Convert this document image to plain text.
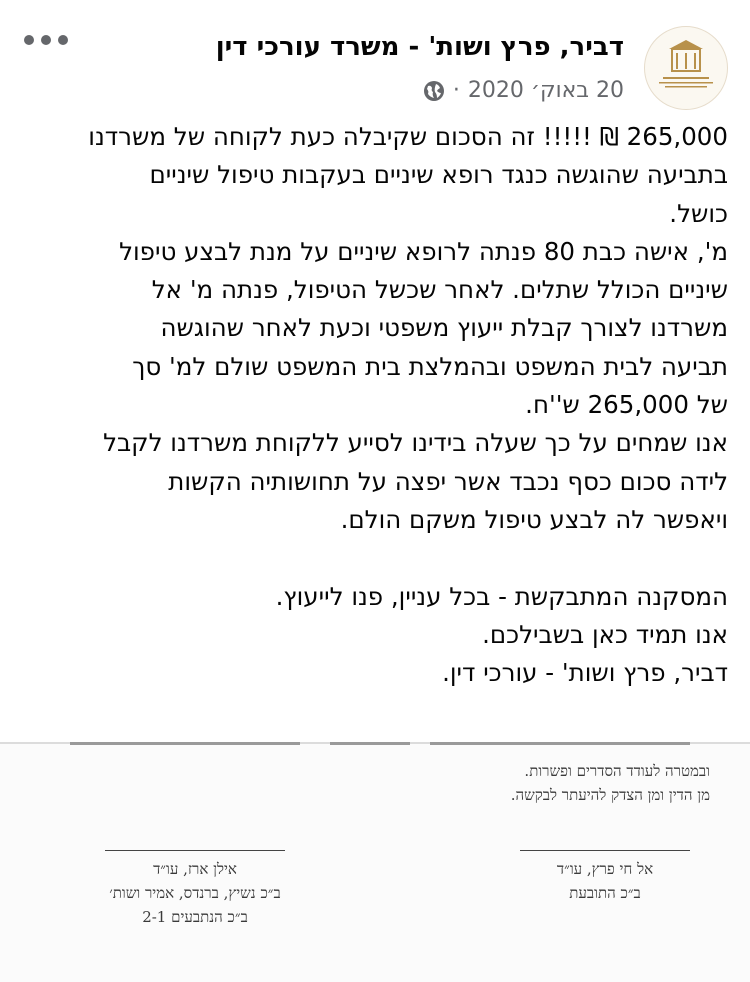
דביר, פרץ ושות' - משרד עורכי דין
20 באוק׳ 2020
·
265,000 ₪ !!!!! זה הסכום שקיבלה כעת לקוחה של משרדנו
בתביעה שהוגשה כנגד רופא שיניים בעקבות טיפול שיניים
כושל.
מ', אישה כבת 80 פנתה לרופא שיניים על מנת לבצע טיפול
שיניים הכולל שתלים. לאחר שכשל הטיפול, פנתה מ' אל
משרדנו לצורך קבלת ייעוץ משפטי וכעת לאחר שהוגשה
תביעה לבית המשפט ובהמלצת בית המשפט שולם למ' סך
של 265,000 ש''ח.
אנו שמחים על כך שעלה בידינו לסייע ללקוחת משרדנו לקבל
לידה סכום כסף נכבד אשר יפצה על תחושותיה הקשות
ויאפשר לה לבצע טיפול משקם הולם.
המסקנה המתבקשת - בכל עניין, פנו לייעוץ.
אנו תמיד כאן בשבילכם.
דביר, פרץ ושות' - עורכי דין.
ובמטרה לעודד הסדרים ופשרות.
מן הדין ומן הצדק להיעתר לבקשה.
אילן ארז, עו״ד
ב״כ נשיץ, ברנדס, אמיר ושות׳
ב״כ הנתבעים 2-1
אל חי פרץ, עו״ד
ב״כ התובעת
